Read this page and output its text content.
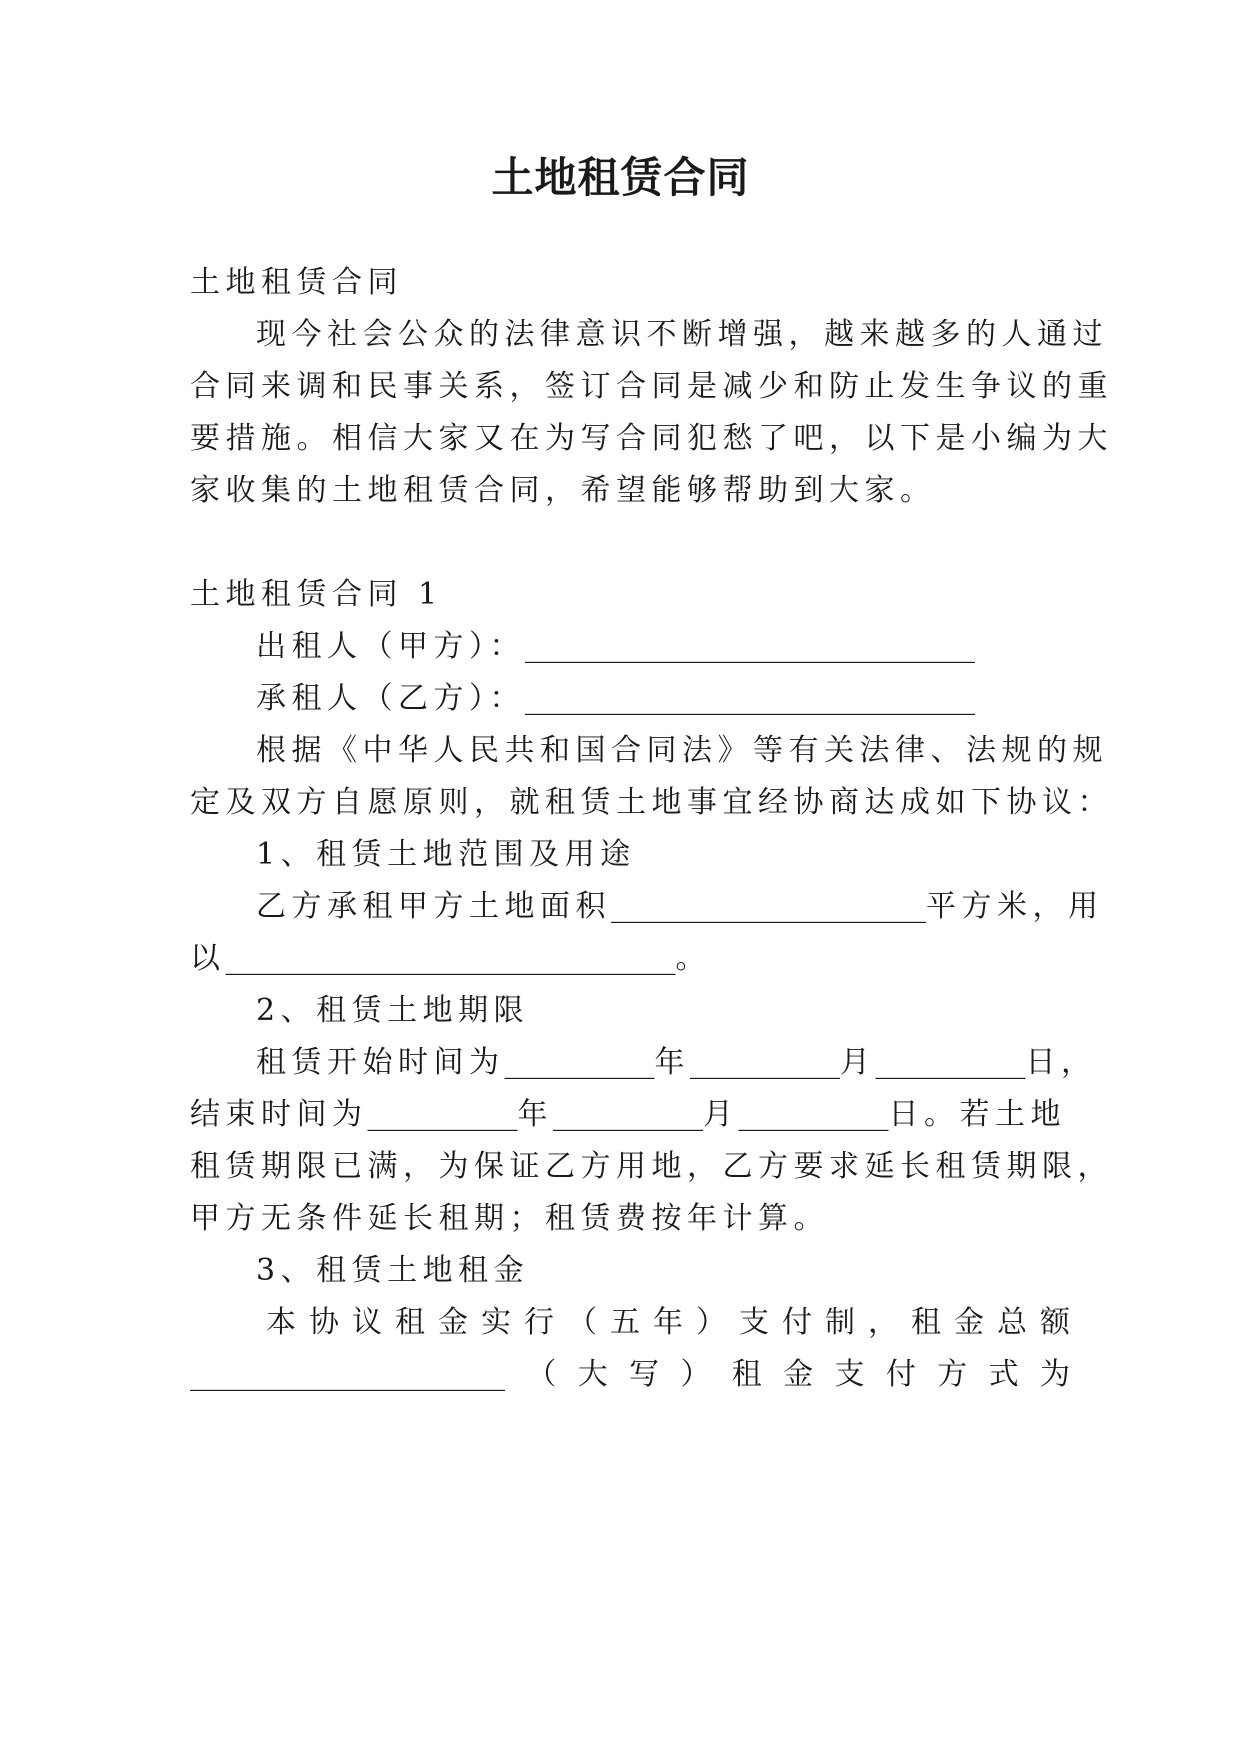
土地租赁合同
土地租赁合同
现今社会公众的法律意识不断增强，越来越多的人通过
合同来调和民事关系，签订合同是减少和防止发生争议的重
要措施。相信大家又在为写合同犯愁了吧，以下是小编为大
家收集的土地租赁合同，希望能够帮助到大家。
土地租赁合同 1
出租人（甲方）：______________________________
承租人（乙方）：______________________________
根据《中华人民共和国合同法》等有关法律、法规的规
定及双方自愿原则，就租赁土地事宜经协商达成如下协议：
1、租赁土地范围及用途
乙方承租甲方土地面积_____________________平方米，用
以______________________________。
2、租赁土地期限
租赁开始时间为__________年__________月__________日，
结束时间为__________年__________月__________日。若土地
租赁期限已满，为保证乙方用地，乙方要求延长租赁期限，
甲方无条件延长租期；租赁费按年计算。
3、租赁土地租金
本 协 议 租 金 实 行 （ 五 年 ） 支 付 制 ， 租 金 总 额
_____________________ （ 大 写 ） 租 金 支 付 方 式 为
